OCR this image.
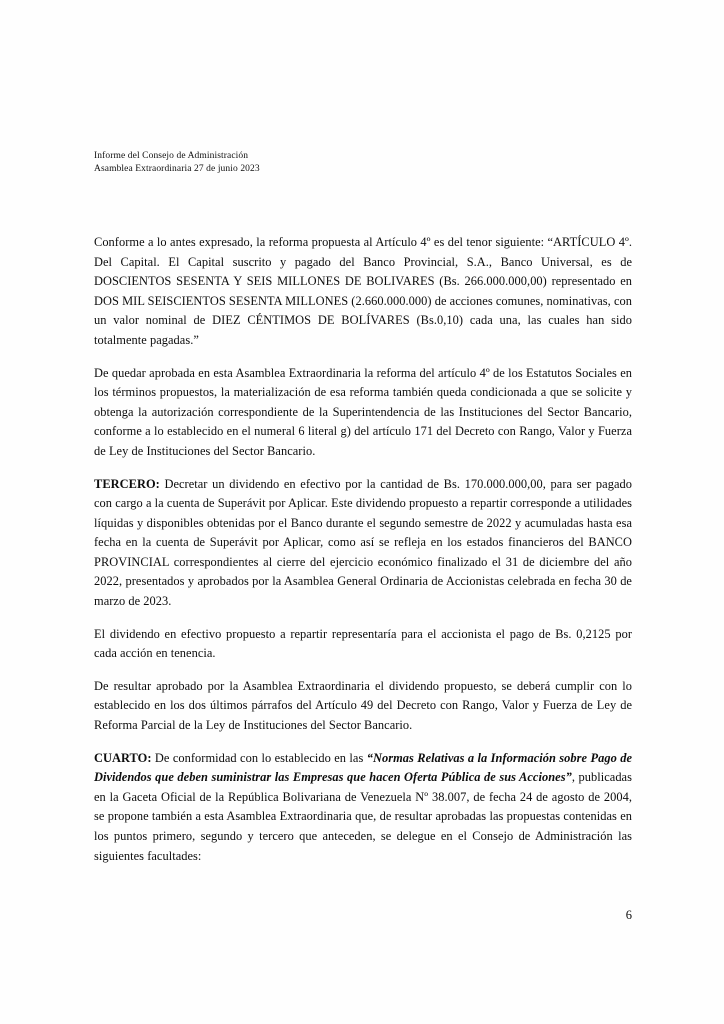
Informe del Consejo de Administración
Asamblea Extraordinaria 27 de junio 2023

Conforme a lo antes expresado, la reforma propuesta al Artículo 4º es del tenor siguiente: “ARTÍCULO 4º. Del Capital. El Capital suscrito y pagado del Banco Provincial, S.A., Banco Universal, es de DOSCIENTOS SESENTA Y SEIS MILLONES DE BOLIVARES (Bs. 266.000.000,00) representado en DOS MIL SEISCIENTOS SESENTA MILLONES (2.660.000.000) de acciones comunes, nominativas, con un valor nominal de DIEZ CÉNTIMOS DE BOLÍVARES (Bs.0,10) cada una, las cuales han sido totalmente pagadas.”

De quedar aprobada en esta Asamblea Extraordinaria la reforma del artículo 4º de los Estatutos Sociales en los términos propuestos, la materialización de esa reforma también queda condicionada a que se solicite y obtenga la autorización correspondiente de la Superintendencia de las Instituciones del Sector Bancario, conforme a lo establecido en el numeral 6 literal g) del artículo 171 del Decreto con Rango, Valor y Fuerza de Ley de Instituciones del Sector Bancario.

TERCERO: Decretar un dividendo en efectivo por la cantidad de Bs. 170.000.000,00, para ser pagado con cargo a la cuenta de Superávit por Aplicar. Este dividendo propuesto a repartir corresponde a utilidades líquidas y disponibles obtenidas por el Banco durante el segundo semestre de 2022 y acumuladas hasta esa fecha en la cuenta de Superávit por Aplicar, como así se refleja en los estados financieros del BANCO PROVINCIAL correspondientes al cierre del ejercicio económico finalizado el 31 de diciembre del año 2022, presentados y aprobados por la Asamblea General Ordinaria de Accionistas celebrada en fecha 30 de marzo de 2023.

El dividendo en efectivo propuesto a repartir representaría para el accionista el pago de Bs. 0,2125 por cada acción en tenencia.

De resultar aprobado por la Asamblea Extraordinaria el dividendo propuesto, se deberá cumplir con lo establecido en los dos últimos párrafos del Artículo 49 del Decreto con Rango, Valor y Fuerza de Ley de Reforma Parcial de la Ley de Instituciones del Sector Bancario.

CUARTO: De conformidad con lo establecido en las “Normas Relativas a la Información sobre Pago de Dividendos que deben suministrar las Empresas que hacen Oferta Pública de sus Acciones”, publicadas en la Gaceta Oficial de la República Bolivariana de Venezuela Nº 38.007, de fecha 24 de agosto de 2004, se propone también a esta Asamblea Extraordinaria que, de resultar aprobadas las propuestas contenidas en los puntos primero, segundo y tercero que anteceden, se delegue en el Consejo de Administración las siguientes facultades:

6
